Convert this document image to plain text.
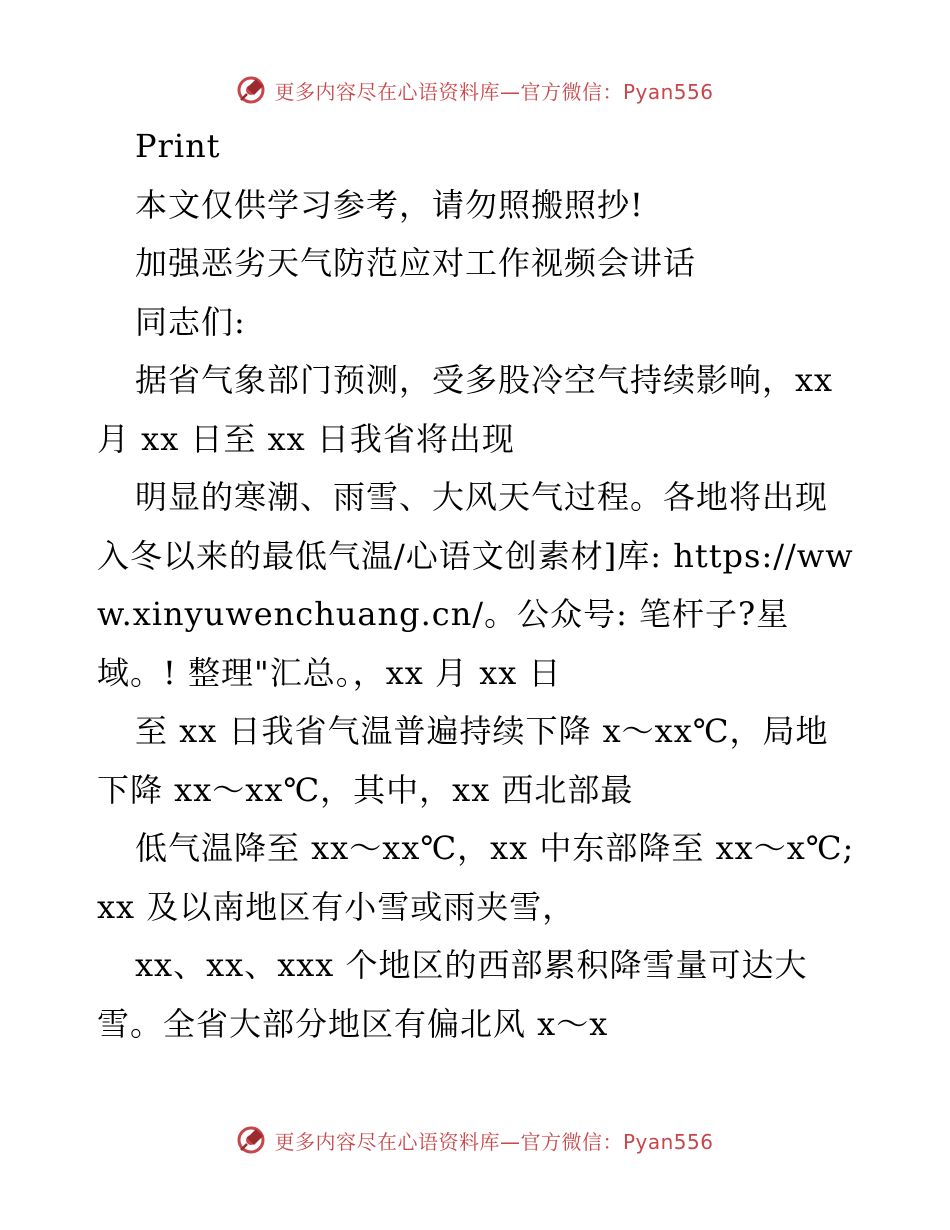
更多内容尽在心语资料库—官方微信：Pyan556

Print

本文仅供学习参考，请勿照搬照抄!

加强恶劣天气防范应对工作视频会讲话

同志们:

据省气象部门预测，受多股冷空气持续影响，xx 月 xx 日至 xx 日我省将出现

明显的寒潮、雨雪、大风天气过程。各地将出现入冬以来的最低气温/心语文创素材]库: https://www.xinyuwenchuang.cn/。公众号: 笔杆子?星域。! 整理"汇总。，xx 月 xx 日

至 xx 日我省气温普遍持续下降 x～xx℃，局地下降 xx～xx℃，其中，xx 西北部最

低气温降至 xx～xx℃，xx 中东部降至 xx～x℃; xx 及以南地区有小雪或雨夹雪，

xx、xx、xxx 个地区的西部累积降雪量可达大雪。全省大部分地区有偏北风 x～x

更多内容尽在心语资料库—官方微信：Pyan556
